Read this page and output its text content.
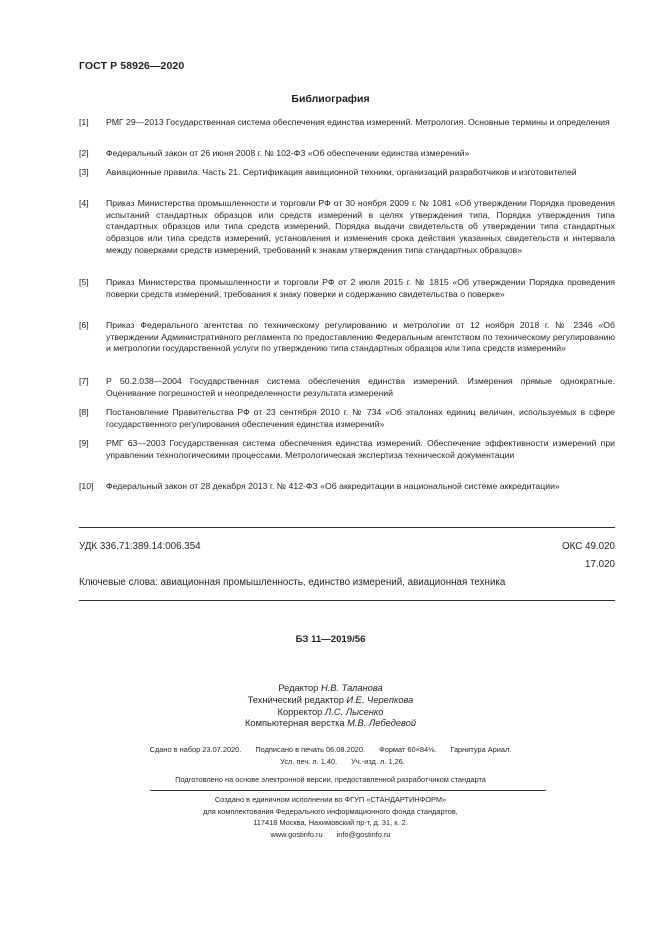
ГОСТ Р 58926—2020
Библиография
[1]	РМГ 29—2013 Государственная система обеспечения единства измерений. Метрология. Основные термины и определения
[2]	Федеральный закон от 26 июня 2008 г. № 102-ФЗ «Об обеспечении единства измерений»
[3]	Авиационные правила. Часть 21. Сертификация авиационной техники, организаций разработчиков и изготовителей
[4]	Приказ Министерства промышленности и торговли РФ от 30 ноября 2009 г. № 1081 «Об утверждении Порядка проведения испытаний стандартных образцов или средств измерений в целях утверждения типа, Порядка утверждения типа стандартных образцов или типа средств измерений, Порядка выдачи свидетельств об утверждении типа стандартных образцов или типа средств измерений, установления и изменения срока действия указанных свидетельств и интервала между поверками средств измерений, требований к знакам утверждения типа стандартных образцов»
[5]	Приказ Министерства промышленности и торговли РФ от 2 июля 2015 г. № 1815 «Об утверждении Порядка проведения поверки средств измерений, требования к знаку поверки и содержанию свидетельства о поверке»
[6]	Приказ Федерального агентства по техническому регулированию и метрологии от 12 ноября 2018 г. № 2346 «Об утверждении Административного регламента по предоставлению Федеральным агентством по техническому регулированию и метрологии государственной услуги по утверждению типа стандартных образцов или типа средств измерений»
[7]	Р 50.2.038—2004 Государственная система обеспечения единства измерений. Измерения прямые однократные. Оценивание погрешностей и неопределенности результата измерений
[8]	Постановление Правительства РФ от 23 сентября 2010 г. № 734 «Об эталонах единиц величин, используемых в сфере государственного регулирования обеспечения единства измерений»
[9]	РМГ 63—2003 Государственная система обеспечения единства измерений. Обеспечение эффективности измерений при управлении технологическими процессами. Метрологическая экспертиза технической документации
[10]	Федеральный закон от 28 декабря 2013 г. № 412-ФЗ «Об аккредитации в национальной системе аккредитации»
УДК 336.71:389.14:006.354	ОКС 49.020
17.020
Ключевые слова: авиационная промышленность, единство измерений, авиационная техника
БЗ 11—2019/56
Редактор Н.В. Таланова
Технический редактор И.Е. Черепкова
Корректор Л.С. Лысенко
Компьютерная верстка М.В. Лебедевой
Сдано в набор 23.07.2020. Подписано в печать 06.08.2020. Формат 60×84⅛. Гарнитура Ариал.
Усл. печ. л. 1,40. Уч.-изд. л. 1,26.
Подготовлено на основе электронной версии, предоставленной разработчиком стандарта
Создано в единичном исполнении во ФГУП «СТАНДАРТИНФОРМ»
для комплектования Федерального информационного фонда стандартов,
117418 Москва, Нахимовский пр-т, д. 31, к. 2.
www.gostinfo.ru info@gostinfo.ru
